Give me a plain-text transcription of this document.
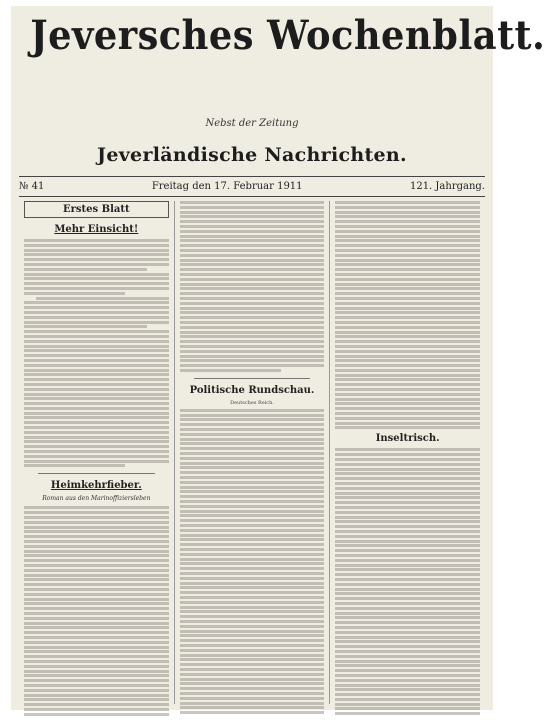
Jeversches Wochenblatt.
Nebst der Zeitung
Jeverländische Nachrichten.
№ 41	Freitag den 17. Februar 1911	121. Jahrgang.
Erstes Blatt
Mehr Einsicht!
Heimkehrfieber.
Roman aus den Marinoffiziersleben
Politische Rundschau.
Deutsches Reich.
Inseltrisch.
